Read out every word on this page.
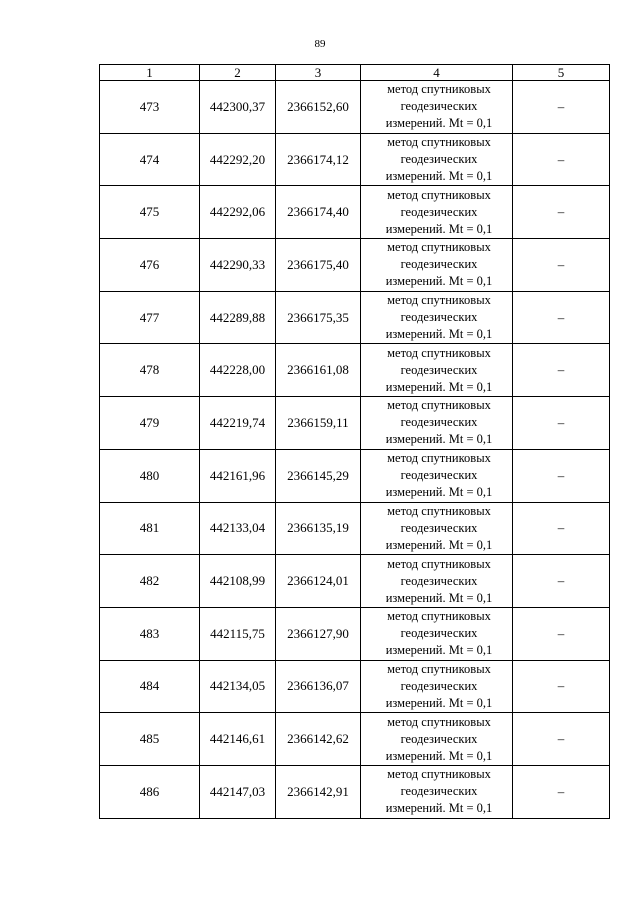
89
1	2	3	4	5
473	442300,37	2366152,60	метод спутниковых
геодезических
измерений. Mt = 0,1	–
474	442292,20	2366174,12	метод спутниковых
геодезических
измерений. Mt = 0,1	–
475	442292,06	2366174,40	метод спутниковых
геодезических
измерений. Mt = 0,1	–
476	442290,33	2366175,40	метод спутниковых
геодезических
измерений. Mt = 0,1	–
477	442289,88	2366175,35	метод спутниковых
геодезических
измерений. Mt = 0,1	–
478	442228,00	2366161,08	метод спутниковых
геодезических
измерений. Mt = 0,1	–
479	442219,74	2366159,11	метод спутниковых
геодезических
измерений. Mt = 0,1	–
480	442161,96	2366145,29	метод спутниковых
геодезических
измерений. Mt = 0,1	–
481	442133,04	2366135,19	метод спутниковых
геодезических
измерений. Mt = 0,1	–
482	442108,99	2366124,01	метод спутниковых
геодезических
измерений. Mt = 0,1	–
483	442115,75	2366127,90	метод спутниковых
геодезических
измерений. Mt = 0,1	–
484	442134,05	2366136,07	метод спутниковых
геодезических
измерений. Mt = 0,1	–
485	442146,61	2366142,62	метод спутниковых
геодезических
измерений. Mt = 0,1	–
486	442147,03	2366142,91	метод спутниковых
геодезических
измерений. Mt = 0,1	–
